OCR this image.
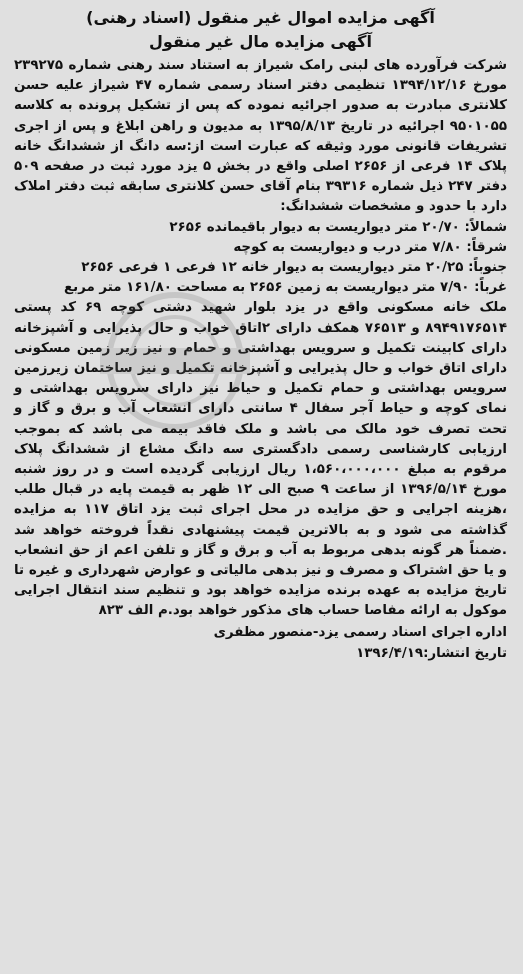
آگهی مزایده اموال غیر منقول (اسناد رهنی)
آگهی مزایده مال غیر منقول

شرکت فرآورده های لبنی رامک شیراز به استناد سند رهنی شماره ۲۳۹۲۷۵ مورخ ۱۳۹۴/۱۲/۱۶ تنظیمی دفتر اسناد رسمی شماره ۴۷ شیراز علیه حسن کلانتری مبادرت به صدور اجرائیه نموده که پس از تشکیل پرونده به کلاسه ۹۵۰۱۰۵۵ اجرائیه در تاریخ ۱۳۹۵/۸/۱۳ به مدیون و راهن ابلاغ و پس از اجری تشریفات قانونی مورد وثیقه که عبارت است از:سه دانگ از ششدانگ خانه پلاک ۱۴ فرعی از ۲۶۵۶ اصلی واقع در بخش ۵ یزد مورد ثبت در صفحه ۵۰۹ دفتر ۲۴۷ ذیل شماره ۳۹۳۱۶ بنام آقای حسن کلانتری سابقه ثبت دفتر املاک دارد با حدود و مشخصات ششدانگ:

شمالاً: ۲۰/۷۰ متر دیواریست به دیوار باقیمانده ۲۶۵۶

شرقاً: ۷/۸۰ متر درب و دیواریست به کوچه

جنوباً: ۲۰/۲۵ متر دیواریست به دیوار خانه ۱۲ فرعی ۱ فرعی ۲۶۵۶

غرباً: ۷/۹۰ متر دیواریست به زمین ۲۶۵۶ به مساحت ۱۶۱/۸۰ متر مربع

ملک خانه مسکونی واقع در یزد بلوار شهید دشتی کوچه ۶۹ کد پستی ۸۹۴۹۱۷۶۵۱۴ و ۷۶۵۱۳ همکف دارای ۲اتاق خواب و حال پذیرایی و آشپزخانه دارای کابینت تکمیل و سرویس بهداشتی و حمام و نیز زیر زمین مسکونی دارای اتاق خواب و حال پذیرایی و آشپزخانه تکمیل و نیز ساختمان زیرزمین سرویس بهداشتی و حمام تکمیل و حیاط نیز دارای سرویس بهداشتی و نمای کوچه و حیاط آجر سفال ۴ سانتی دارای انشعاب آب و برق و گاز و تحت تصرف خود مالک می باشد و ملک فاقد بیمه می باشد که بموجب ارزیابی کارشناسی رسمی دادگستری سه دانگ مشاع از ششدانگ پلاک مرقوم به مبلغ ۱،۵۶۰،۰۰۰،۰۰۰ ریال ارزیابی گردیده است و در روز شنبه مورخ ۱۳۹۶/۵/۱۴ از ساعت ۹ صبح الی ۱۲ ظهر به قیمت پایه در قبال طلب ،هزینه اجرایی و حق مزایده در محل اجرای ثبت یزد اتاق ۱۱۷ به مزایده گذاشته می شود و به بالاترین قیمت پیشنهادی نقداً فروخته خواهد شد .ضمناً هر گونه بدهی مربوط به آب و برق و گاز و تلفن اعم از حق انشعاب و یا حق اشتراک و مصرف و نیز بدهی مالیاتی و عوارض شهرداری و غیره تا تاریخ مزایده به عهده برنده مزایده خواهد بود و تنظیم سند انتقال اجرایی موکول به ارائه مفاصا حساب های مذکور خواهد بود.م الف ۸۲۳

اداره اجرای اسناد رسمی یزد-منصور مظفری
تاریخ انتشار:۱۳۹۶/۴/۱۹
